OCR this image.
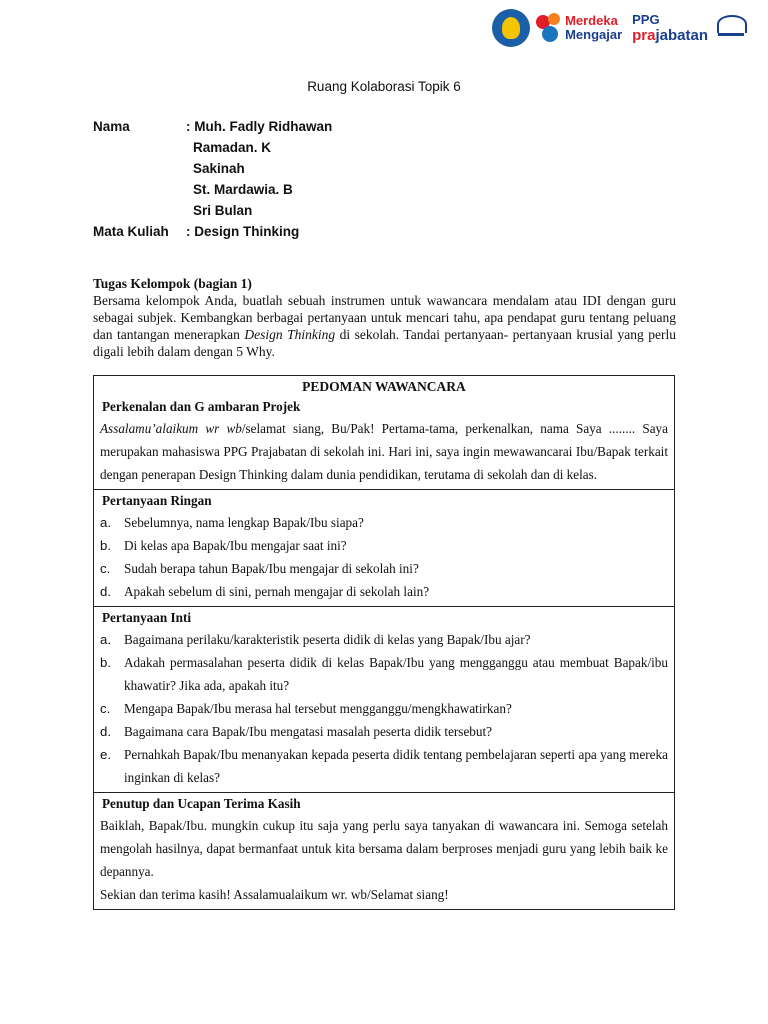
Merdeka
Mengajar
PPG
prajabatan
Ruang Kolaborasi Topik 6
Nama	: Muh. Fadly Ridhawan
Ramadan. K
Sakinah
St. Mardawia. B
Sri Bulan
Mata Kuliah	: Design Thinking
Tugas Kelompok (bagian 1)
Bersama kelompok Anda, buatlah sebuah instrumen untuk wawancara mendalam atau IDI dengan guru sebagai subjek. Kembangkan berbagai pertanyaan untuk mencari tahu, apa pendapat guru tentang peluang dan tantangan menerapkan Design Thinking di sekolah. Tandai pertanyaan- pertanyaan krusial yang perlu digali lebih dalam dengan 5 Why.
PEDOMAN WAWANCARA
Perkenalan dan G ambaran Projek
Assalamu’alaikum wr wb/selamat siang, Bu/Pak! Pertama-tama, perkenalkan, nama Saya ........ Saya merupakan mahasiswa PPG Prajabatan di sekolah ini. Hari ini, saya ingin mewawancarai Ibu/Bapak terkait dengan penerapan Design Thinking dalam dunia pendidikan, terutama di sekolah dan di kelas.
Pertanyaan Ringan
a. Sebelumnya, nama lengkap Bapak/Ibu siapa?
b. Di kelas apa Bapak/Ibu mengajar saat ini?
c.	Sudah berapa tahun Bapak/Ibu mengajar di sekolah ini?
d. Apakah sebelum di sini, pernah mengajar di sekolah lain?
Pertanyaan Inti
a. Bagaimana perilaku/karakteristik peserta didik di kelas yang Bapak/Ibu ajar?
b. Adakah permasalahan peserta didik di kelas Bapak/Ibu yang mengganggu atau membuat Bapak/ibu khawatir? Jika ada, apakah itu?
c.	Mengapa Bapak/Ibu merasa hal tersebut mengganggu/mengkhawatirkan?
d. Bagaimana cara Bapak/Ibu mengatasi masalah peserta didik tersebut?
e. Pernahkah Bapak/Ibu menanyakan kepada peserta didik tentang pembelajaran seperti apa yang mereka inginkan di kelas?
Penutup dan Ucapan Terima Kasih
Baiklah, Bapak/Ibu. mungkin cukup itu saja yang perlu saya tanyakan di wawancara ini. Semoga setelah mengolah hasilnya, dapat bermanfaat untuk kita bersama dalam berproses menjadi guru yang lebih baik ke depannya.
Sekian dan terima kasih! Assalamualaikum wr. wb/Selamat siang!
